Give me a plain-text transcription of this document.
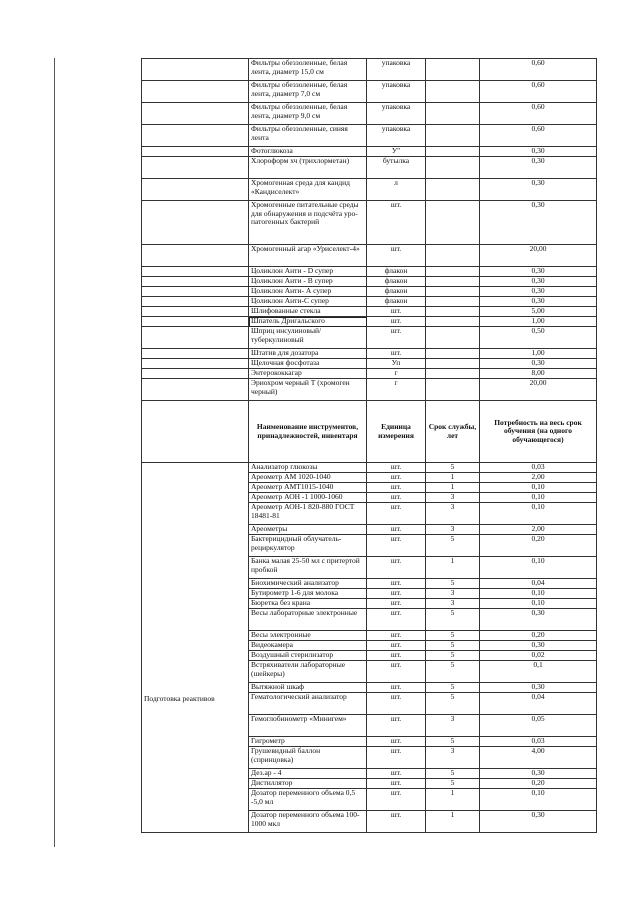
	Фильтры обеззоленные, белая лента, диаметр 15,0 см	упаковка		0,60
	Фильтры обеззоленные, белая лента, диаметр 7,0 см	упаковка		0,60
	Фильтры обеззоленные, белая лента, диаметр 9,0 см	упаковка		0,60
	Фильтры обеззоленные, синяя лента	упаковка		0,60
	Фотоглюкоза	У"		0,30
	Хлороформ хч (трихлорметан)	бутылка		0,30
	Хромогенная среда для кандид «Кандиселект»	л		0,30
	Хромогенные питательные среды для обнаружения и подсчёта уро-патогенных бактерий	шт.		0,30
	Хромогенный агар «Уриселект-4»	шт.		20,00
	Цоликлон Анти - D супер	флакон		0,30
	Цоликлон Анти - В супер	флакон		0,30
	Цоликлон Анти- А супер	флакон		0,30
	Цоликлон Анти-С супер	флакон		0,30
	Шлифованные стекла	шт.		5,00
	Шпатель Дригальского	шт.		1,00
	Шприц инсулиновый/ туберкулиновый	шт.		0,50
	Штатив для дозатора	шт.		1,00
	Щелочная фосфотаза	Уп		0,30
	Энтерококкагар	г		8,00
	Эриохром черный Т (хромоген черный)	г		20,00
	Наименование инструментов, принадлежностей, инвентаря	Единица измерения	Срок службы, лет	Потребность на весь срок обучения (на одного обучающегося)
Подготовка реактивов	Анализатор глюкозы	шт.	5	0,03
	Ареометр АМ 1020-1040	шт.	1	2,00
	Ареометр АМТ1015-1040	шт.	1	0,10
	Ареометр АОН -1 1000-1060	шт.	3	0,10
	Ареометр АОН-1 820-880 ГОСТ 18481-81	шт.	3	0,10
	Ареометры	шт.	3	2,00
	Бактерицидный облучатель-рециркулятор	шт.	5	0,20
	Банка малая 25-50 мл с притертой пробкой	шт.	1	0,10
	Биохимический анализатор	шт.	5	0,04
	Бутирометр 1-6 для молока	шт.	3	0,10
	Бюретка без крана	шт.	3	0,10
	Весы лабораторные электронные	шт.	5	0,30
	Весы электронные	шт.	5	0,20
	Видеокамера	шт.	5	0,30
	Воздушный стерилизатор	шт.	5	0,02
	Встряхиватели лабораторные (шейкеры)	шт.	5	0,1
	Вытяжной шкаф	шт.	5	0,30
	Гематологический анализатор	шт.	5	0,04
	Гемоглобинометр «Минигем»	шт.	3	0,05
	Гигрометр	шт.	5	0,03
	Грушевидный баллон (спринцовка)	шт.	3	4,00
	Дез.ар - 4	шт.	5	0,30
	Дистиллятор	шт.	5	0,20
	Дозатор переменного объема 0,5 -5,0 мл	шт.	1	0,10
	Дозатор переменного объема 100-1000 мкл	шт.	1	0,30
